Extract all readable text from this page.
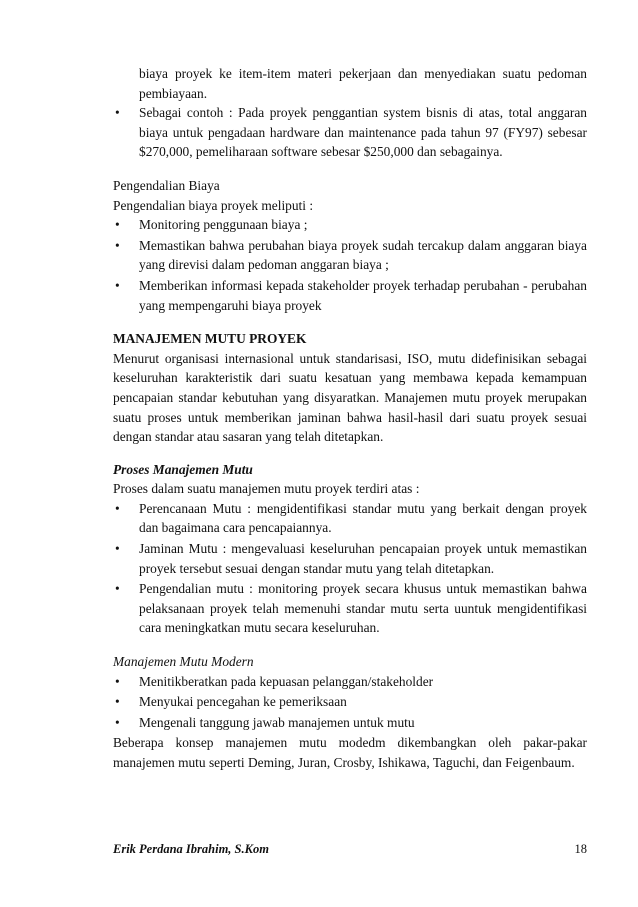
biaya proyek ke item-item materi pekerjaan dan menyediakan suatu pedoman pembiayaan.

• Sebagai contoh : Pada proyek penggantian system bisnis di atas, total anggaran biaya untuk pengadaan hardware dan maintenance pada tahun 97 (FY97) sebesar $270,000, pemeliharaan software sebesar $250,000 dan sebagainya.

Pengendalian Biaya

Pengendalian biaya proyek meliputi :

• Monitoring penggunaan biaya ;
• Memastikan bahwa perubahan biaya proyek sudah tercakup dalam anggaran biaya yang direvisi dalam pedoman anggaran biaya ;
• Memberikan informasi kepada stakeholder proyek terhadap perubahan - perubahan yang mempengaruhi biaya proyek

MANAJEMEN MUTU PROYEK

Menurut organisasi internasional untuk standarisasi, ISO, mutu didefinisikan sebagai keseluruhan karakteristik dari suatu kesatuan yang membawa kepada kemampuan pencapaian standar kebutuhan yang disyaratkan. Manajemen mutu proyek merupakan suatu proses untuk memberikan jaminan bahwa hasil-hasil dari suatu proyek sesuai dengan standar atau sasaran yang telah ditetapkan.

Proses Manajemen Mutu

Proses dalam suatu manajemen mutu proyek terdiri atas :

• Perencanaan Mutu : mengidentifikasi standar mutu yang berkait dengan proyek dan bagaimana cara pencapaiannya.
• Jaminan Mutu : mengevaluasi keseluruhan pencapaian proyek untuk memastikan proyek tersebut sesuai dengan standar mutu yang telah ditetapkan.
• Pengendalian mutu : monitoring proyek secara khusus untuk memastikan bahwa pelaksanaan proyek telah memenuhi standar mutu serta uuntuk mengidentifikasi cara meningkatkan mutu secara keseluruhan.

Manajemen Mutu Modern

• Menitikberatkan pada kepuasan pelanggan/stakeholder
• Menyukai pencegahan ke pemeriksaan
• Mengenali tanggung jawab manajemen untuk mutu

Beberapa konsep manajemen mutu modedm dikembangkan oleh pakar-pakar manajemen mutu seperti Deming, Juran, Crosby, Ishikawa, Taguchi, dan Feigenbaum.

Erik Perdana Ibrahim, S.Kom	18
